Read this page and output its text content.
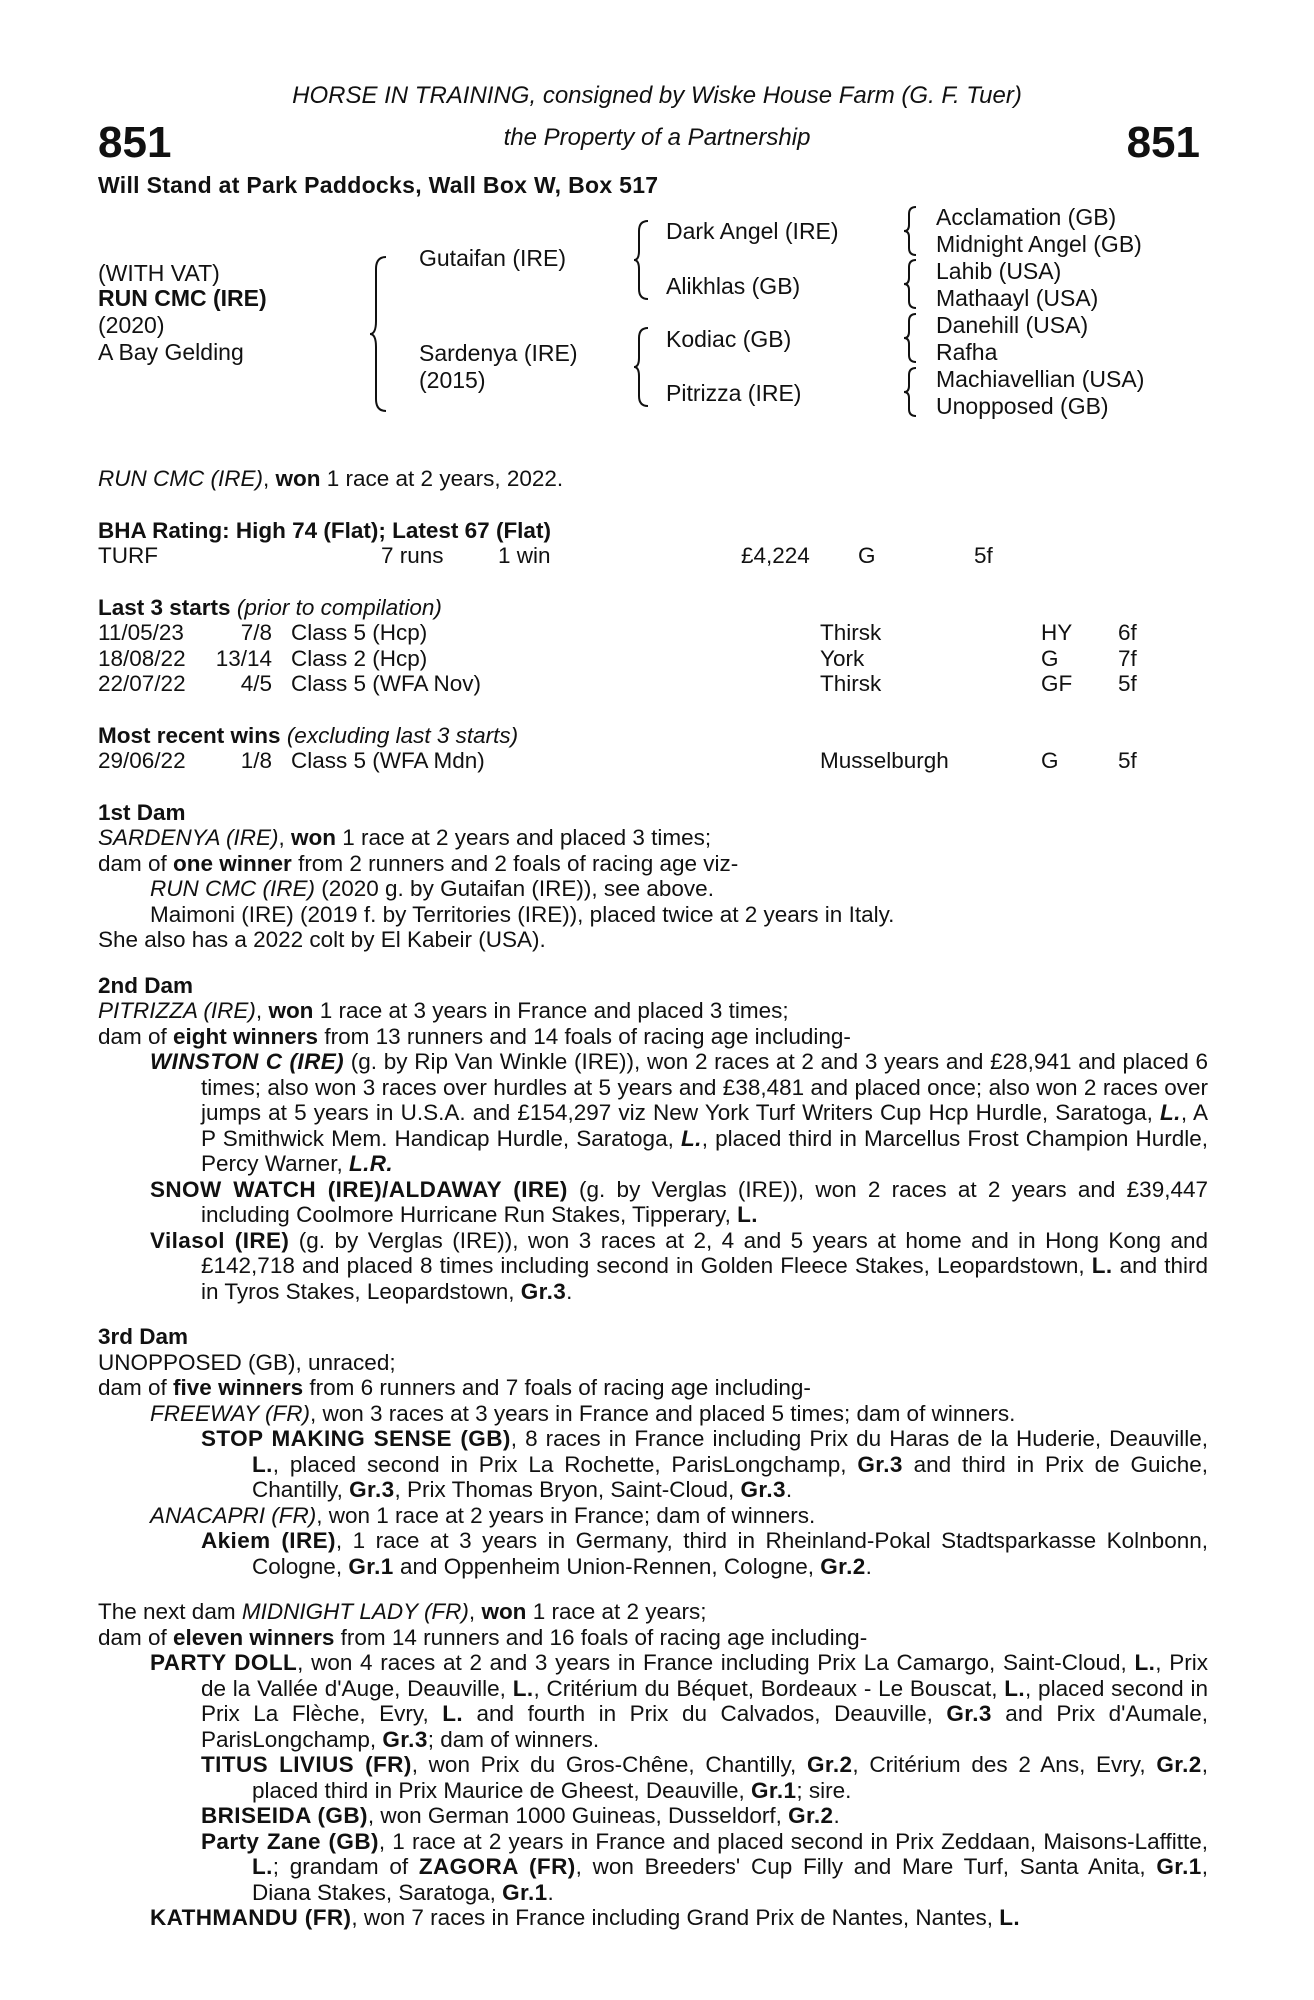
851	851
HORSE IN TRAINING, consigned by Wiske House Farm (G. F. Tuer)
the Property of a Partnership
Will Stand at Park Paddocks, Wall Box W, Box 517
(WITH VAT)
RUN CMC (IRE)
(2020)
A Bay Gelding
Gutaifan (IRE)
Sardenya (IRE)
(2015)
Dark Angel (IRE)
Alikhlas (GB)
Kodiac (GB)
Pitrizza (IRE)
Acclamation (GB)
Midnight Angel (GB)
Lahib (USA)
Mathaayl (USA)
Danehill (USA)
Rafha
Machiavellian (USA)
Unopposed (GB)

RUN CMC (IRE), won 1 race at 2 years, 2022.

BHA Rating: High 74 (Flat); Latest 67 (Flat)

TURF	7 runs 1 win	£4,224 G	5f

Last 3 starts (prior to compilation)

11/05/23	7/8 Class 5 (Hcp)	Thirsk	HY 6f
18/08/22	13/14 Class 2 (Hcp)	York	G	7f
22/07/22	4/5 Class 5 (WFA Nov)	Thirsk	GF 5f

Most recent wins (excluding last 3 starts)

29/06/22	1/8 Class 5 (WFA Mdn)	Musselburgh	G	5f

1st Dam

SARDENYA (IRE), won 1 race at 2 years and placed 3 times;

dam of one winner from 2 runners and 2 foals of racing age viz-

RUN CMC (IRE) (2020 g. by Gutaifan (IRE)), see above.

Maimoni (IRE) (2019 f. by Territories (IRE)), placed twice at 2 years in Italy.

She also has a 2022 colt by El Kabeir (USA).

2nd Dam

PITRIZZA (IRE), won 1 race at 3 years in France and placed 3 times;

dam of eight winners from 13 runners and 14 foals of racing age including-

WINSTON C (IRE) (g. by Rip Van Winkle (IRE)), won 2 races at 2 and 3 years and £28,941 and placed 6 times; also won 3 races over hurdles at 5 years and £38,481 and placed once; also won 2 races over jumps at 5 years in U.S.A. and £154,297 viz New York Turf Writers Cup Hcp Hurdle, Saratoga, L., A P Smithwick Mem. Handicap Hurdle, Saratoga, L., placed third in Marcellus Frost Champion Hurdle, Percy Warner, L.R.

SNOW WATCH (IRE)/ALDAWAY (IRE) (g. by Verglas (IRE)), won 2 races at 2 years and £39,447 including Coolmore Hurricane Run Stakes, Tipperary, L.

Vilasol (IRE) (g. by Verglas (IRE)), won 3 races at 2, 4 and 5 years at home and in Hong Kong and £142,718 and placed 8 times including second in Golden Fleece Stakes, Leopardstown, L. and third in Tyros Stakes, Leopardstown, Gr.3.

3rd Dam

UNOPPOSED (GB), unraced;

dam of five winners from 6 runners and 7 foals of racing age including-

FREEWAY (FR), won 3 races at 3 years in France and placed 5 times; dam of winners.

STOP MAKING SENSE (GB), 8 races in France including Prix du Haras de la Huderie, Deauville, L., placed second in Prix La Rochette, ParisLongchamp, Gr.3 and third in Prix de Guiche, Chantilly, Gr.3, Prix Thomas Bryon, Saint-Cloud, Gr.3.

ANACAPRI (FR), won 1 race at 2 years in France; dam of winners.

Akiem (IRE), 1 race at 3 years in Germany, third in Rheinland-Pokal Stadtsparkasse Kolnbonn, Cologne, Gr.1 and Oppenheim Union-Rennen, Cologne, Gr.2.

The next dam MIDNIGHT LADY (FR), won 1 race at 2 years;

dam of eleven winners from 14 runners and 16 foals of racing age including-

PARTY DOLL, won 4 races at 2 and 3 years in France including Prix La Camargo, Saint-Cloud, L., Prix de la Vallée d'Auge, Deauville, L., Critérium du Béquet, Bordeaux - Le Bouscat, L., placed second in Prix La Flèche, Evry, L. and fourth in Prix du Calvados, Deauville, Gr.3 and Prix d'Aumale, ParisLongchamp, Gr.3; dam of winners.

TITUS LIVIUS (FR), won Prix du Gros-Chêne, Chantilly, Gr.2, Critérium des 2 Ans, Evry, Gr.2, placed third in Prix Maurice de Gheest, Deauville, Gr.1; sire.

BRISEIDA (GB), won German 1000 Guineas, Dusseldorf, Gr.2.

Party Zane (GB), 1 race at 2 years in France and placed second in Prix Zeddaan, Maisons-Laffitte, L.; grandam of ZAGORA (FR), won Breeders' Cup Filly and Mare Turf, Santa Anita, Gr.1, Diana Stakes, Saratoga, Gr.1.

KATHMANDU (FR), won 7 races in France including Grand Prix de Nantes, Nantes, L.
